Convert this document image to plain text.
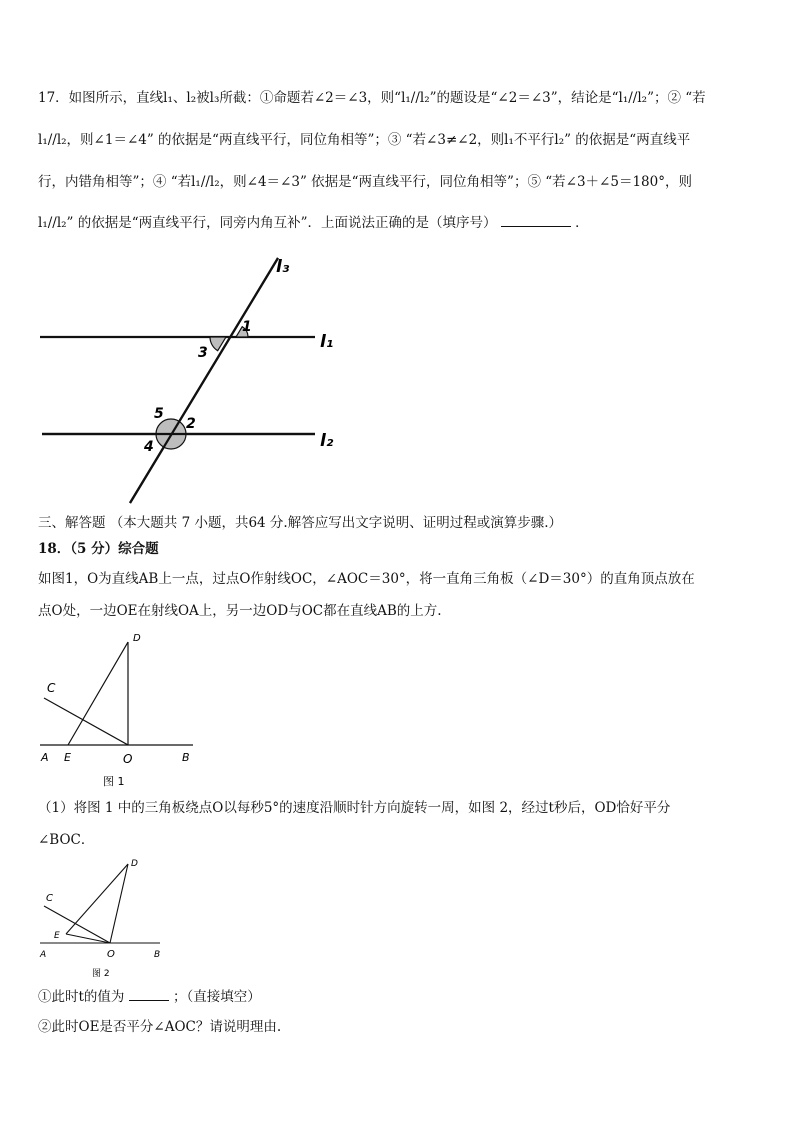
17．如图所示，直线l₁、l₂被l₃所截：①命题若∠2＝∠3，则“l₁//l₂”的题设是“∠2＝∠3”，结论是“l₁//l₂”；② “若
l₁//l₂，则∠1＝∠4” 的依据是“两直线平行，同位角相等”；③ “若∠3≠∠2，则l₁不平行l₂” 的依据是“两直线平
行，内错角相等”；④ “若l₁//l₂，则∠4＝∠3” 依据是“两直线平行，同位角相等”；⑤ “若∠3＋∠5＝180°，则
l₁//l₂” 的依据是“两直线平行，同旁内角互补”．上面说法正确的是（填序号）	．
l₃
l₁
l₂
1
3
5
2
4
三、解答题 （本大题共 7 小题，共64 分.解答应写出文字说明、证明过程或演算步骤.）
18．（5 分）综合题
如图1，O为直线AB上一点，过点O作射线OC，∠AOC＝30°，将一直角三角板（∠D＝30°）的直角顶点放在
点O处，一边OE在射线OA上，另一边OD与OC都在直线AB的上方.
D
C
A E	O	B
图 1
（1）将图 1 中的三角板绕点O以每秒5°的速度沿顺时针方向旋转一周，如图 2，经过t秒后，OD恰好平分
∠BOC．
D
C
E
A	O	B
图 2
①此时t的值为	；（直接填空）
②此时OE是否平分∠AOC？请说明理由.
